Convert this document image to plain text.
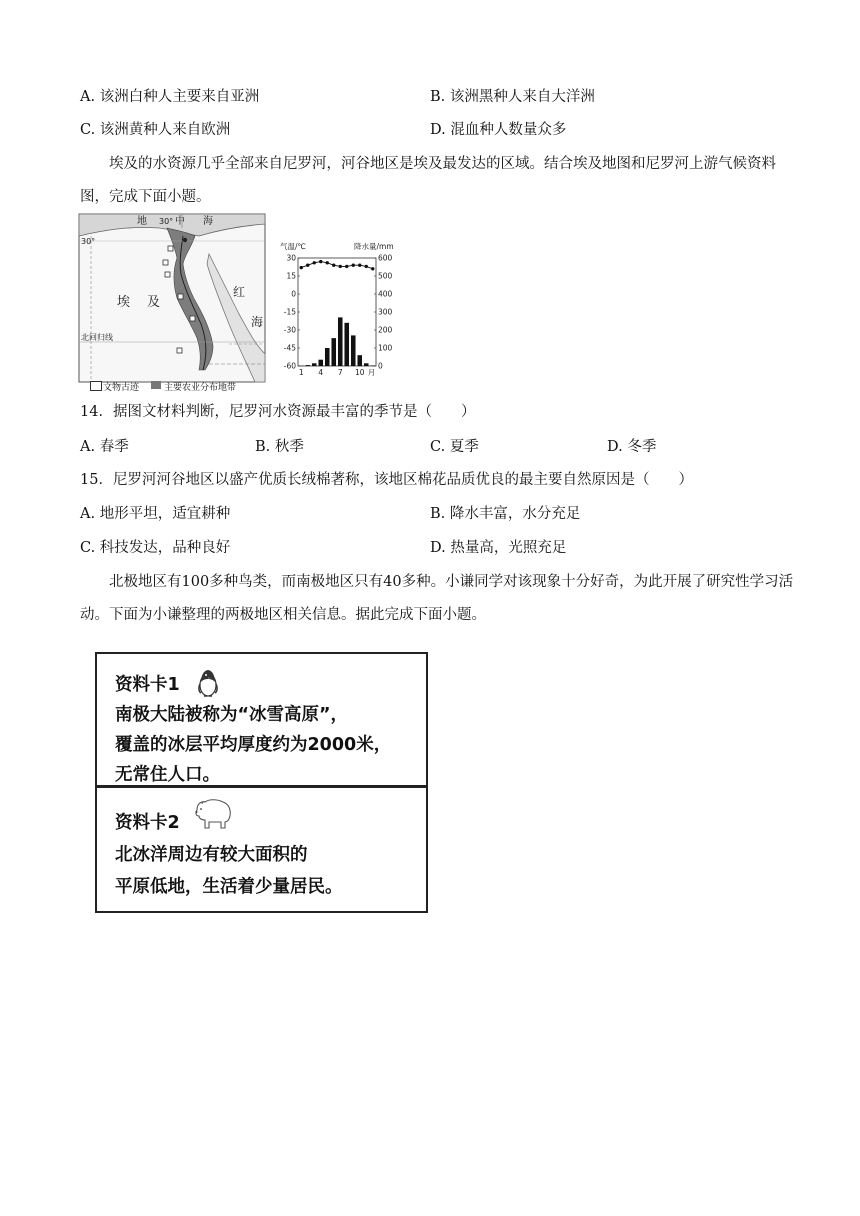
A. 该洲白种人主要来自亚洲	B. 该洲黑种人来自大洋洲
C. 该洲黄种人来自欧洲	D. 混血种人数量众多
埃及的水资源几乎全部来自尼罗河，河谷地区是埃及最发达的区域。结合埃及地图和尼罗河上游气候资料图，完成下面小题。
地 30° 中 海
30°
埃 及
红
海
北回归线
文物古迹	主要农业分布地带
气温/℃	降水量/mm
30
15
0
-15
-30
-45
-60
600
500
400
300
200
100
0
1 4 7 10 月
14．据图文材料判断，尼罗河水资源最丰富的季节是（　　）
A. 春季	B. 秋季	C. 夏季	D. 冬季
15．尼罗河河谷地区以盛产优质长绒棉著称，该地区棉花品质优良的最主要自然原因是（　　）
A. 地形平坦，适宜耕种	B. 降水丰富，水分充足
C. 科技发达，品种良好	D. 热量高，光照充足
北极地区有100多种鸟类，而南极地区只有40多种。小谦同学对该现象十分好奇，为此开展了研究性学习活动。下面为小谦整理的两极地区相关信息。据此完成下面小题。
资料卡1
南极大陆被称为“冰雪高原”，
覆盖的冰层平均厚度约为2000米，
无常住人口。
资料卡2
北冰洋周边有较大面积的
平原低地，生活着少量居民。
